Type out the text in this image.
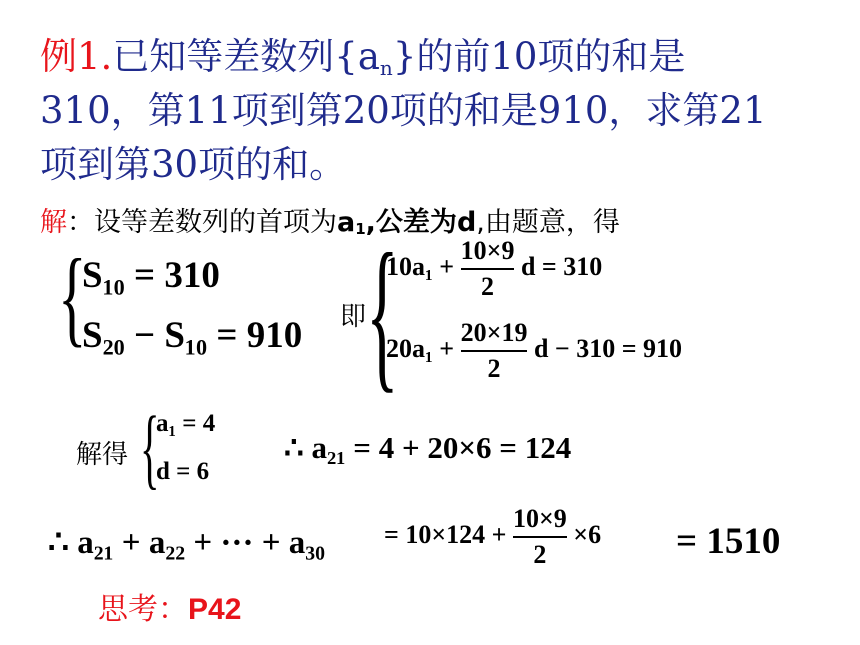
例1.已知等差数列$\{a_n\}$的前10项的和是
310，第11项到第20项的和是910，求第21
项到第30项的和。
解：设等差数列的首项为$a_1$,公差为d,由题意，得
{
S₁₀ = 310
S₂₀ − S₁₀ = 910 即 {
$10a_1 + \frac{10\times 9}{2}$ d = 310
$20a_1 + \frac{20\times 19}{2}$ d − 310 = 910
解得 {
a₁ = 4
d = 6
∴ a₂₁ = 4 + 20×6 = 124
∴ a₂₁ + a₂₂ + ··· + $a_{30} = 10\times 124 + \frac{10\times 9}{2} \times 6 = 1510$
思考：P42
